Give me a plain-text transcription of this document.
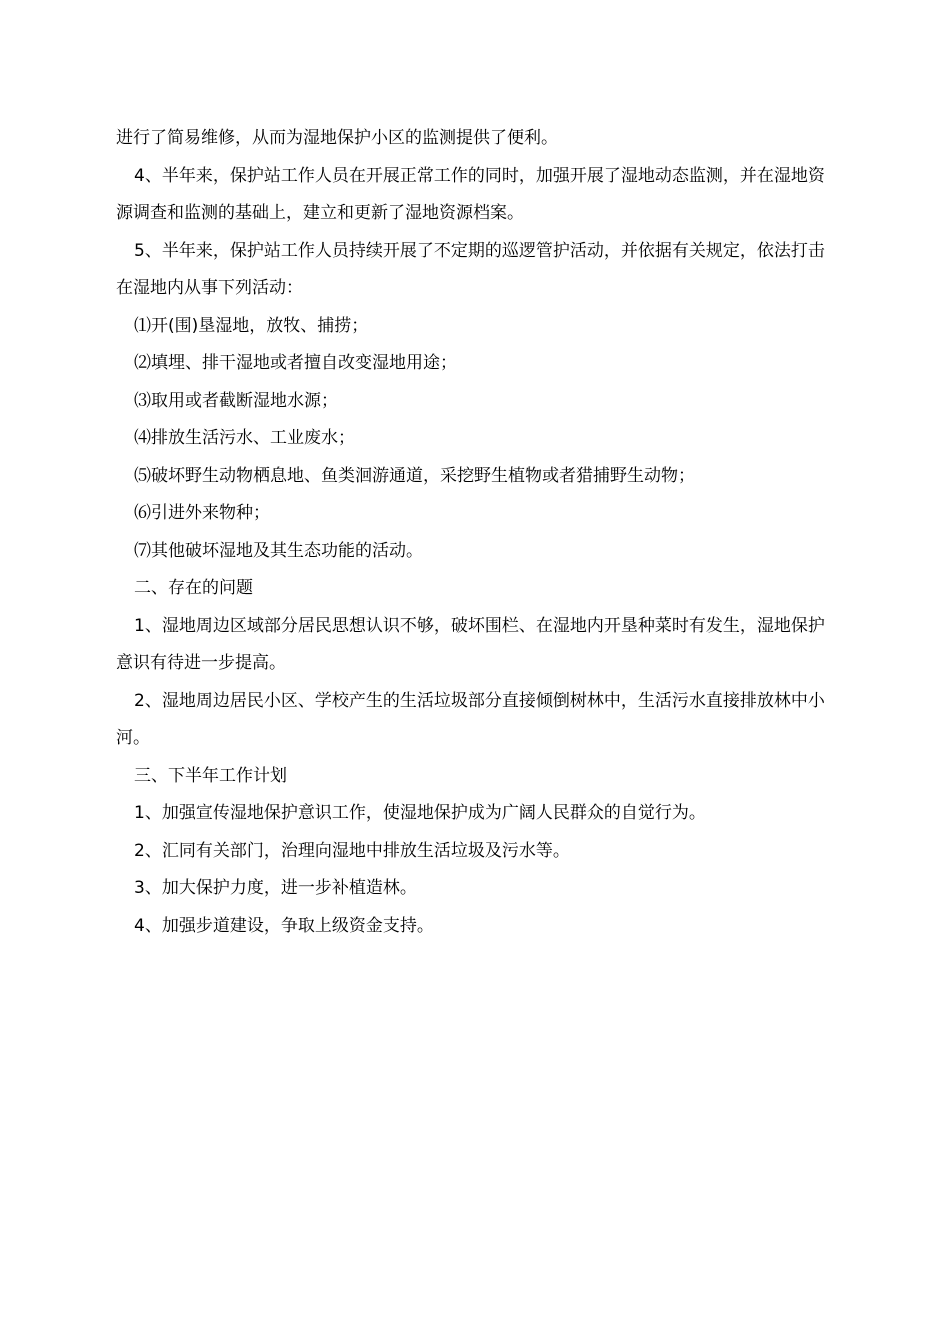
进行了简易维修，从而为湿地保护小区的监测提供了便利。

4、半年来，保护站工作人员在开展正常工作的同时，加强开展了湿地动态监测，并在湿地资源调查和监测的基础上，建立和更新了湿地资源档案。

5、半年来，保护站工作人员持续开展了不定期的巡逻管护活动，并依据有关规定，依法打击在湿地内从事下列活动：

⑴开(围)垦湿地，放牧、捕捞；

⑵填埋、排干湿地或者擅自改变湿地用途；

⑶取用或者截断湿地水源；

⑷排放生活污水、工业废水；

⑸破坏野生动物栖息地、鱼类洄游通道，采挖野生植物或者猎捕野生动物；

⑹引进外来物种；

⑺其他破坏湿地及其生态功能的活动。

二、存在的问题

1、湿地周边区域部分居民思想认识不够，破坏围栏、在湿地内开垦种菜时有发生，湿地保护意识有待进一步提高。

2、湿地周边居民小区、学校产生的生活垃圾部分直接倾倒树林中，生活污水直接排放林中小河。

三、下半年工作计划

1、加强宣传湿地保护意识工作，使湿地保护成为广阔人民群众的自觉行为。

2、汇同有关部门，治理向湿地中排放生活垃圾及污水等。

3、加大保护力度，进一步补植造林。

4、加强步道建设，争取上级资金支持。
